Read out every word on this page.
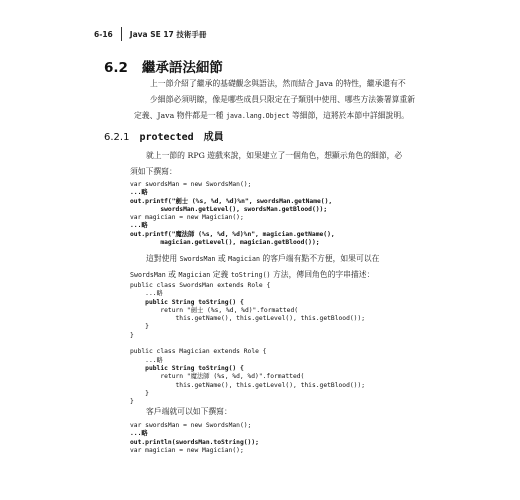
6-16	Java SE 17 技術手冊
6.2 繼承語法細節
上一節介紹了繼承的基礎觀念與語法，然而結合 Java 的特性，繼承還有不
少細節必須明瞭，像是哪些成員只限定在子類別中使用、哪些方法簽署算重新
定義、Java 物件都是一種 java.lang.Object 等細節，這將於本節中詳細說明。
6.2.1 protected 成員
就上一節的 RPG 遊戲來說，如果建立了一個角色，想顯示角色的細節，必
須如下撰寫：
var swordsMan = new SwordsMan();
...略
out.printf("劍士 (%s, %d, %d)%n", swordsMan.getName(),
swordsMan.getLevel(), swordsMan.getBlood());
var magician = new Magician();
...略
out.printf("魔法師 (%s, %d, %d)%n", magician.getName(),
magician.getLevel(), magician.getBlood());
這對使用 SwordsMan 或 Magician 的客戶端有點不方便，如果可以在
SwordsMan 或 Magician 定義 toString() 方法，傳回角色的字串描述：
public class SwordsMan extends Role {
...略
public String toString() {
return "劍士 (%s, %d, %d)".formatted(
this.getName(), this.getLevel(), this.getBlood());
}
}
public class Magician extends Role {
...略
public String toString() {
return "魔法師 (%s, %d, %d)".formatted(
this.getName(), this.getLevel(), this.getBlood());
}
}
客戶端就可以如下撰寫：
var swordsMan = new SwordsMan();
...略
out.println(swordsMan.toString());
var magician = new Magician();
